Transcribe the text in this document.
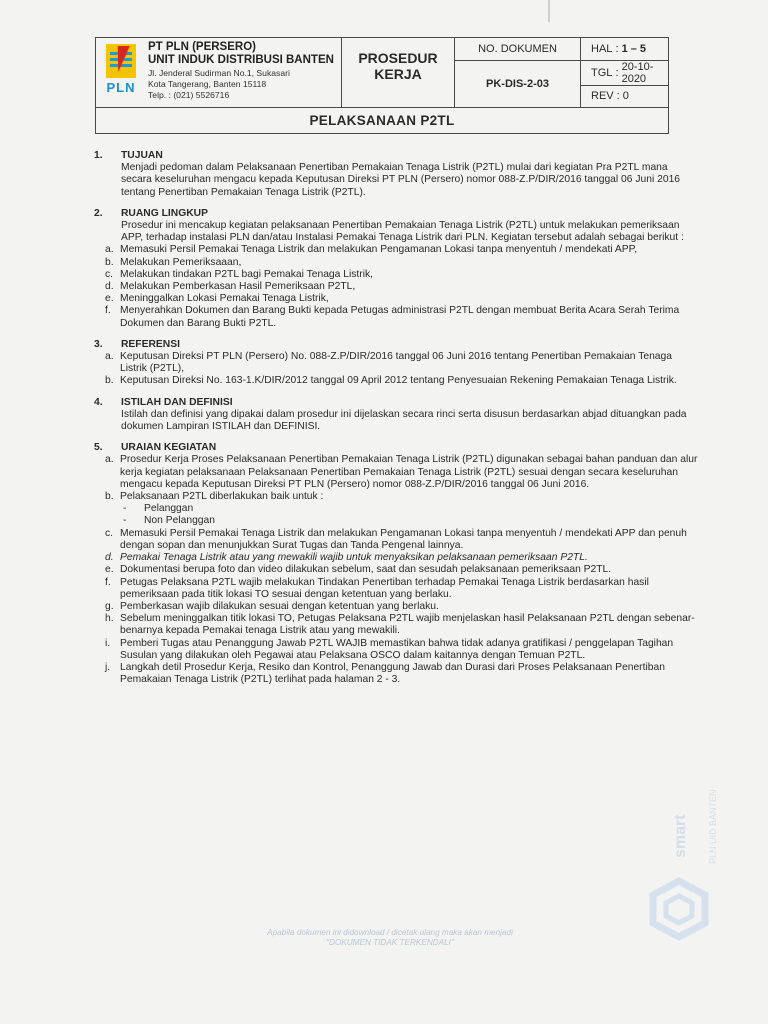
PLN
PT PLN (PERSERO)
UNIT INDUK DISTRIBUSI BANTEN
Jl. Jenderal Sudirman No.1, Sukasari
Kota Tangerang, Banten 15118
Telp. : (021) 5526716
PROSEDUR
KERJA
NO. DOKUMEN
PK-DIS-2-03
HAL : 1 – 5
TGL : 20-10-2020
REV : 0
PELAKSANAAN P2TL
1.	TUJUAN
Menjadi pedoman dalam Pelaksanaan Penertiban Pemakaian Tenaga Listrik (P2TL) mulai dari kegiatan Pra P2TL mana secara keseluruhan mengacu kepada Keputusan Direksi PT PLN (Persero) nomor 088-Z.P/DIR/2016 tanggal 06 Juni 2016 tentang Penertiban Pemakaian Tenaga Listrik (P2TL).
2.	RUANG LINGKUP
Prosedur ini mencakup kegiatan pelaksanaan Penertiban Pemakaian Tenaga Listrik (P2TL) untuk melakukan pemeriksaan APP, terhadap instalasi PLN dan/atau Instalasi Pemakai Tenaga Listrik dari PLN. Kegiatan tersebut adalah sebagai berikut :
a. Memasuki Persil Pemakai Tenaga Listrik dan melakukan Pengamanan Lokasi tanpa menyentuh / mendekati APP,
b. Melakukan Pemeriksaaan,
c. Melakukan tindakan P2TL bagi Pemakai Tenaga Listrik,
d. Melakukan Pemberkasan Hasil Pemeriksaan P2TL,
e. Meninggalkan Lokasi Pemakai Tenaga Listrik,
f. Menyerahkan Dokumen dan Barang Bukti kepada Petugas administrasi P2TL dengan membuat Berita Acara Serah Terima Dokumen dan Barang Bukti P2TL.
3.	REFERENSI
a. Keputusan Direksi PT PLN (Persero) No. 088-Z.P/DIR/2016 tanggal 06 Juni 2016 tentang Penertiban Pemakaian Tenaga Listrik (P2TL),
b. Keputusan Direksi No. 163-1.K/DIR/2012 tanggal 09 April 2012 tentang Penyesuaian Rekening Pemakaian Tenaga Listrik.
4.	ISTILAH DAN DEFINISI
Istilah dan definisi yang dipakai dalam prosedur ini dijelaskan secara rinci serta disusun berdasarkan abjad dituangkan pada dokumen Lampiran ISTILAH dan DEFINISI.
5.	URAIAN KEGIATAN
a. Prosedur Kerja Proses Pelaksanaan Penertiban Pemakaian Tenaga Listrik (P2TL) digunakan sebagai bahan panduan dan alur kerja kegiatan pelaksanaan Pelaksanaan Penertiban Pemakaian Tenaga Listrik (P2TL) sesuai dengan secara keseluruhan mengacu kepada Keputusan Direksi PT PLN (Persero) nomor 088-Z.P/DIR/2016 tanggal 06 Juni 2016.
b. Pelaksanaan P2TL diberlakukan baik untuk :
-	Pelanggan
-	Non Pelanggan
c. Memasuki Persil Pemakai Tenaga Listrik dan melakukan Pengamanan Lokasi tanpa menyentuh / mendekati APP dan penuh dengan sopan dan menunjukkan Surat Tugas dan Tanda Pengenal lainnya.
d. Pemakai Tenaga Listrik atau yang mewakili wajib untuk menyaksikan pelaksanaan pemeriksaan P2TL.
e. Dokumentasi berupa foto dan video dilakukan sebelum, saat dan sesudah pelaksanaan pemeriksaan P2TL.
f. Petugas Pelaksana P2TL wajib melakukan Tindakan Penertiban terhadap Pemakai Tenaga Listrik berdasarkan hasil pemeriksaan pada titik lokasi TO sesuai dengan ketentuan yang berlaku.
g. Pemberkasan wajib dilakukan sesuai dengan ketentuan yang berlaku.
h. Sebelum meninggalkan titik lokasi TO, Petugas Pelaksana P2TL wajib menjelaskan hasil Pelaksanaan P2TL dengan sebenar-benarnya kepada Pemakai tenaga Listrik atau yang mewakili.
i. Pemberi Tugas atau Penanggung Jawab P2TL WAJIB memastikan bahwa tidak adanya gratifikasi / penggelapan Tagihan Susulan yang dilakukan oleh Pegawai atau Pelaksana OSCO dalam kaitannya dengan Temuan P2TL.
j. Langkah detil Prosedur Kerja, Resiko dan Kontrol, Penanggung Jawab dan Durasi dari Proses Pelaksanaan Penertiban Pemakaian Tenaga Listrik (P2TL) terlihat pada halaman 2 - 3.
smart PLN UID BANTEN
Apabila dokumen ini didownload / dicetak ulang maka akan menjadi
"DOKUMEN TIDAK TERKENDALI"
